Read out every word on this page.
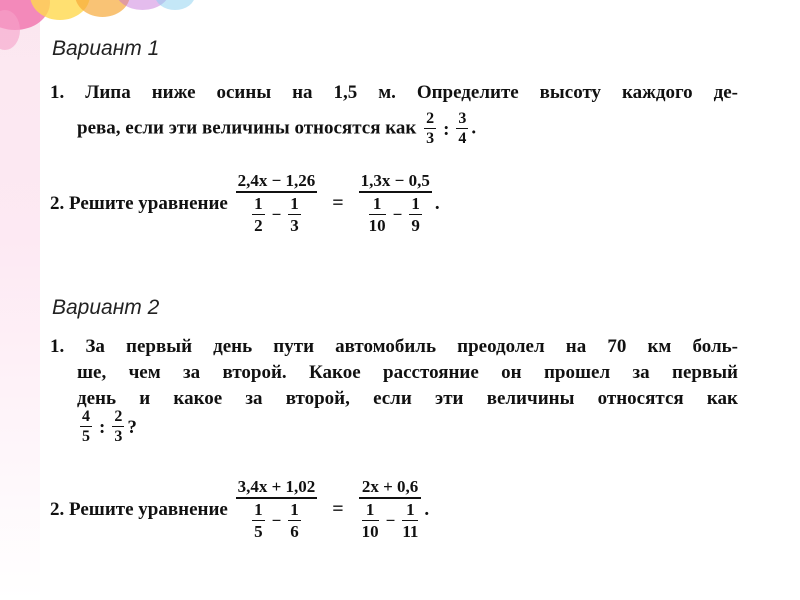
Вариант 1
1. Липа ниже осины на 1,5 м. Определите высоту каждого де-
рева, если эти величины относятся как $\frac{2}{3}$ : $\frac{3}{4}$ .
2. Решите уравнение $\frac{2,4x - 1,26}{\frac{1}{2} - \frac{1}{3}} = \frac{1,3x - 0,5}{\frac{1}{10} - \frac{1}{9}}$ .
Вариант 2
1. За первый день пути автомобиль преодолел на 70 км боль-
ше, чем за второй. Какое расстояние он прошел за первый
день и какое за второй, если эти величины относятся как
$\frac{4}{5}$ : $\frac{2}{3}$ ?
2. Решите уравнение $\frac{3,4x + 1,02}{\frac{1}{5} - \frac{1}{6}} = \frac{2x + 0,6}{\frac{1}{10} - \frac{1}{11}}$ .
